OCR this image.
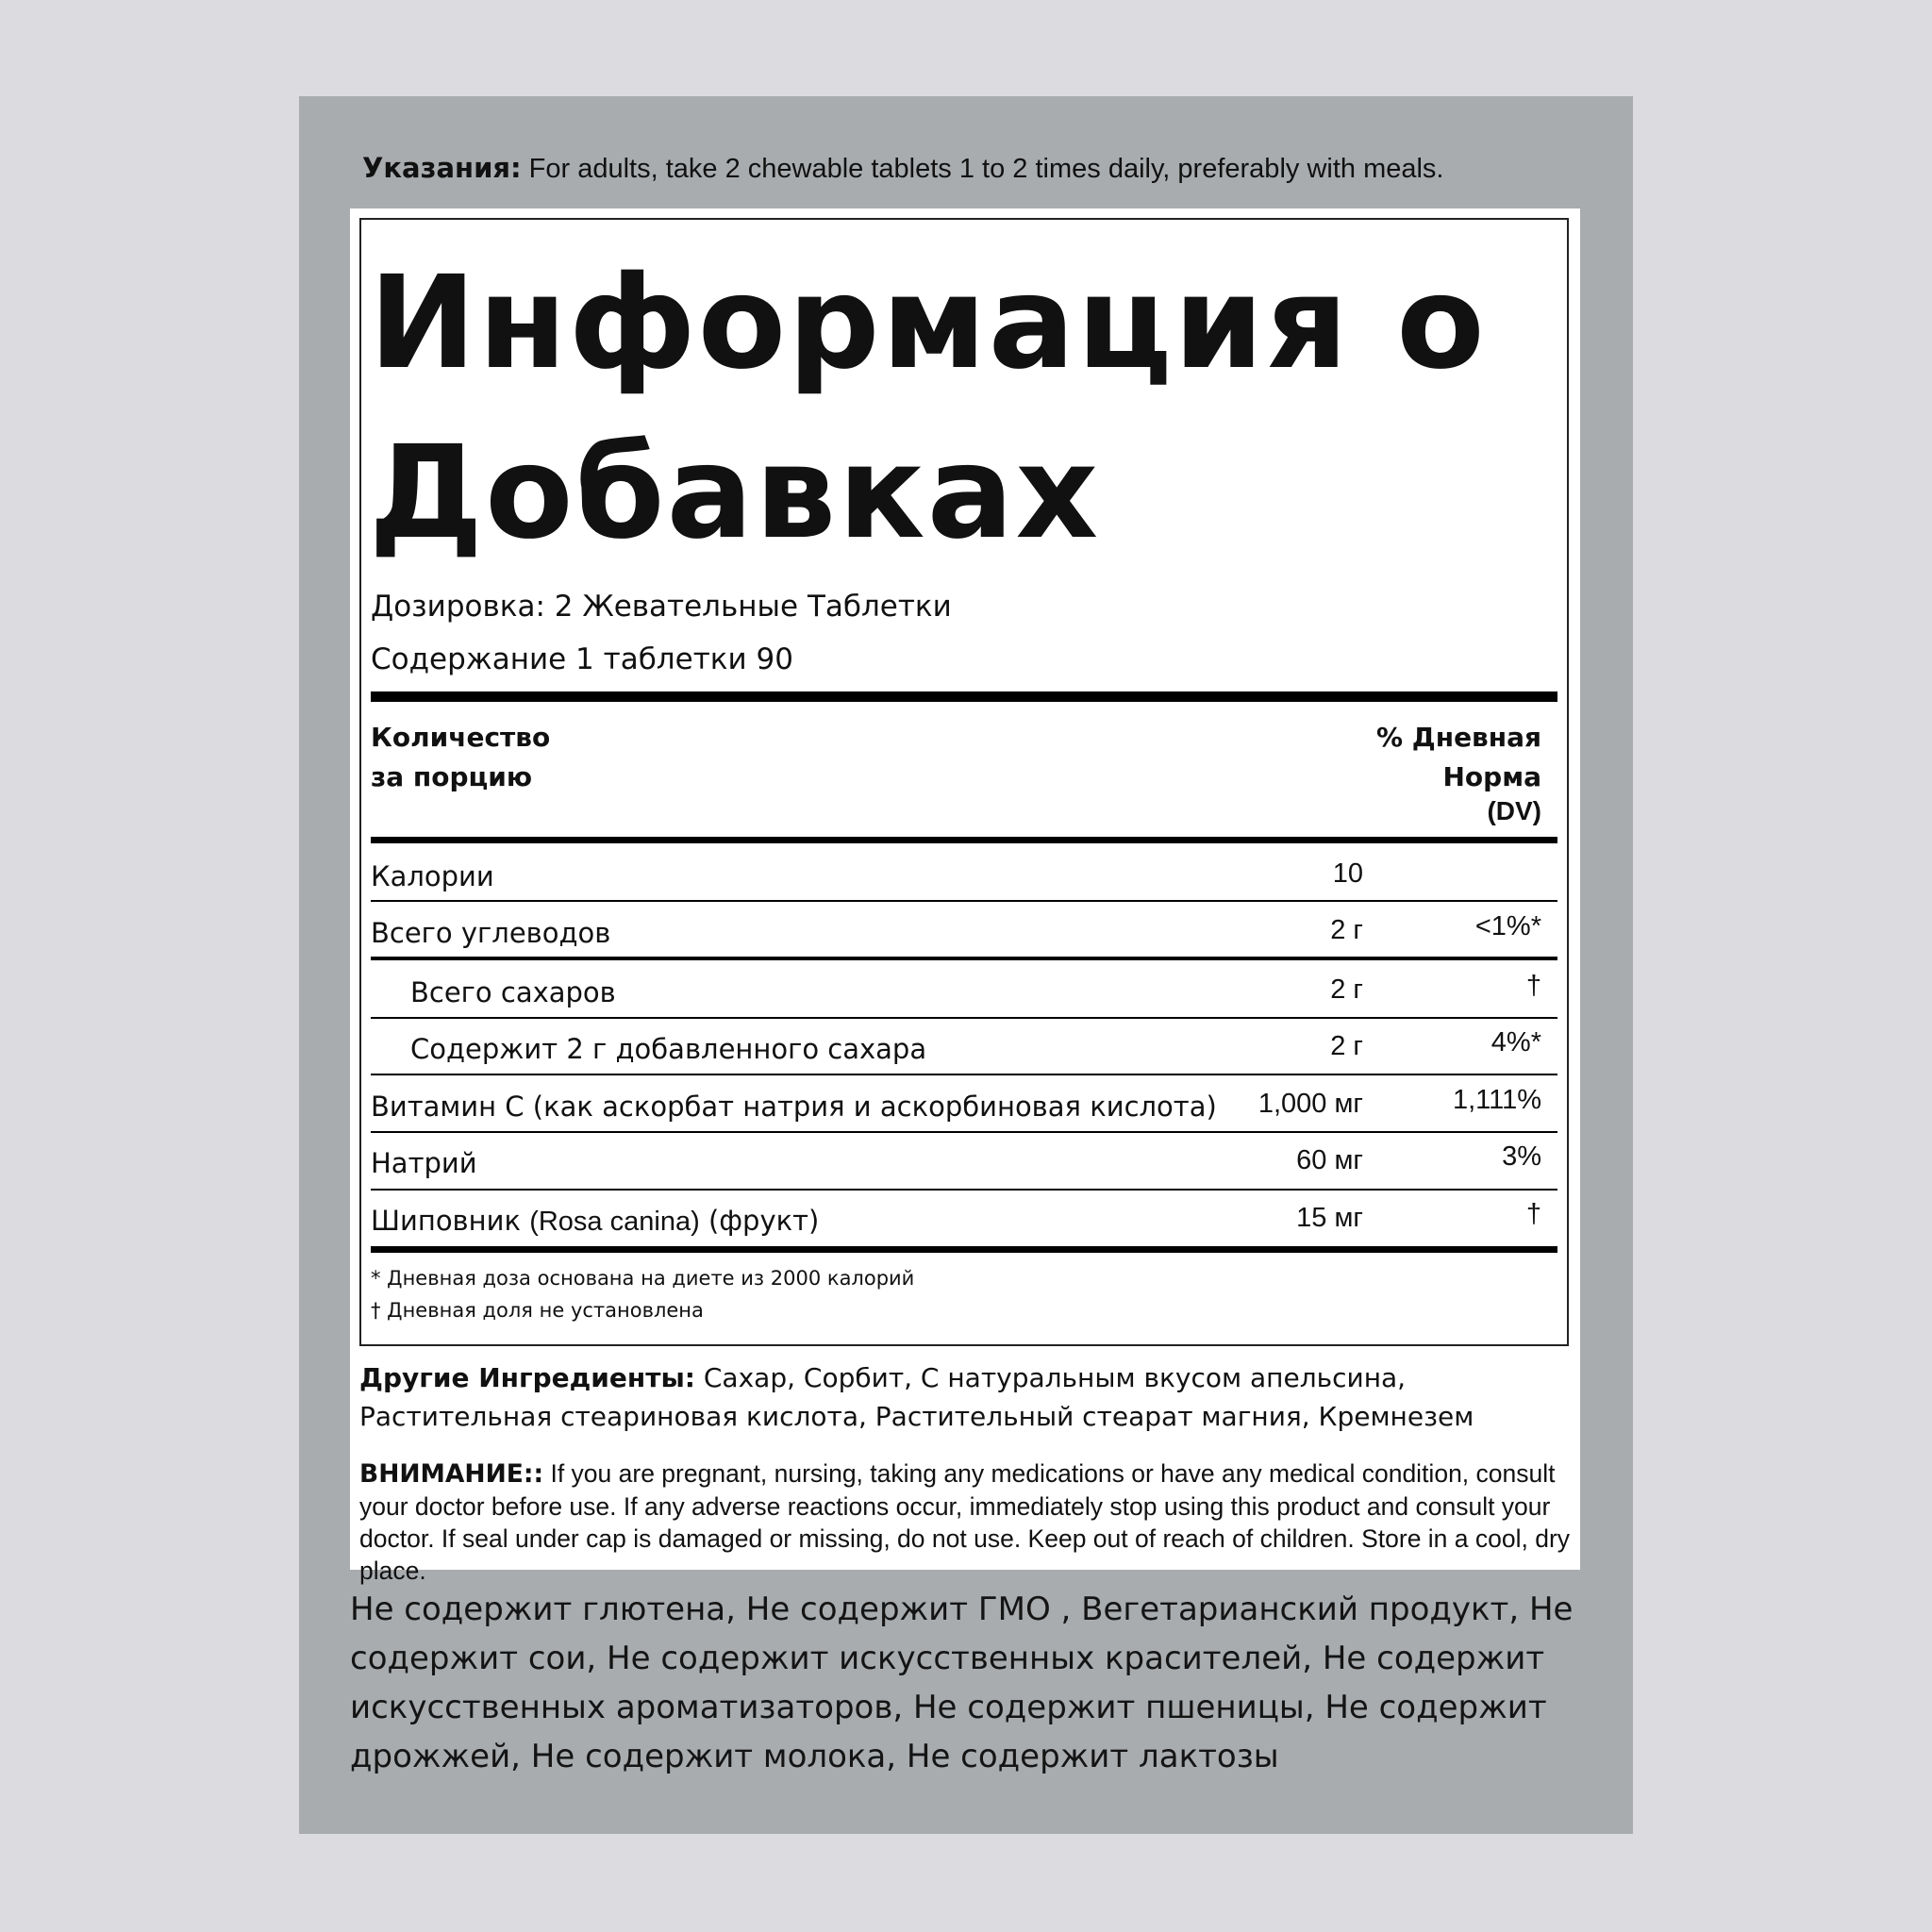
Указания: For adults, take 2 chewable tablets 1 to 2 times daily, preferably with meals.
Информация о Добавках
Дозировка: 2 Жевательные Таблетки
Содержание 1 таблетки 90
Количество
за порцию
% Дневная
Норма
(DV)
Калории	10
Всего углеводов	2 г	<1%*
Всего сахаров	2 г	†
Содержит 2 г добавленного сахара	2 г	4%*
Витамин С (как аскорбат натрия и аскорбиновая кислота) 1,000 мг	1,111%
Натрий	60 мг	3%
Шиповник (Rosa canina) (фрукт)	15 мг	†
* Дневная доза основана на диете из 2000 калорий
† Дневная доля не установлена
Другие Ингредиенты: Сахар, Сорбит, С натуральным вкусом апельсина, Растительная стеариновая кислота, Растительный стеарат магния, Кремнезем
ВНИМАНИЕ:: If you are pregnant, nursing, taking any medications or have any medical condition, consult your doctor before use. If any adverse reactions occur, immediately stop using this product and consult your doctor. If seal under cap is damaged or missing, do not use. Keep out of reach of children. Store in a cool, dry place.
Не содержит глютена, Не содержит ГМО , Вегетарианский продукт, Не содержит сои, Не содержит искусственных красителей, Не содержит искусственных ароматизаторов, Не содержит пшеницы, Не содержит дрожжей, Не содержит молока, Не содержит лактозы
